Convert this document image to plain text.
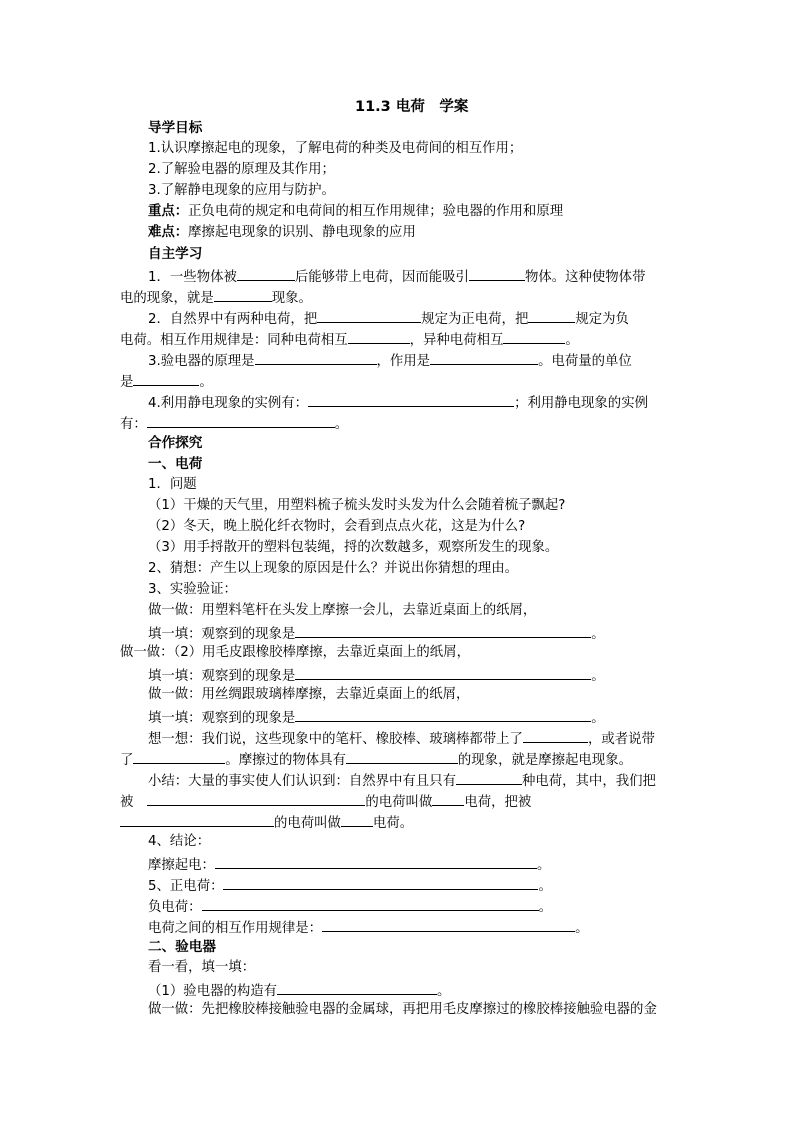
11.3 电荷　学案
导学目标
1.认识摩擦起电的现象，了解电荷的种类及电荷间的相互作用；
2.了解验电器的原理及其作用；
3.了解静电现象的应用与防护。
重点：正负电荷的规定和电荷间的相互作用规律；验电器的作用和原理
难点：摩擦起电现象的识别、静电现象的应用
自主学习
1．一些物体被	后能够带上电荷，因而能吸引	物体。这种使物体带
电的现象，就是	现象。
2．自然界中有两种电荷，把	规定为正电荷，把	规定为负
电荷。相互作用规律是：同种电荷相互	，异种电荷相互	。
3.验电器的原理是	，作用是	。电荷量的单位
是	。
4.利用静电现象的实例有：	；利用静电现象的实例
有：	。
合作探究
一、电荷
1．问题
（1）干燥的天气里，用塑料梳子梳头发时头发为什么会随着梳子飘起?
（2）冬天，晚上脱化纤衣物时，会看到点点火花，这是为什么?
（3）用手捋散开的塑料包装绳，捋的次数越多，观察所发生的现象。
2、猜想：产生以上现象的原因是什么？并说出你猜想的理由。
3、实验验证：
做一做：用塑料笔杆在头发上摩擦一会儿，去靠近桌面上的纸屑，
填一填：观察到的现象是	。
做一做：（2）用毛皮跟橡胶棒摩擦，去靠近桌面上的纸屑，
填一填：观察到的现象是	。
做一做：用丝绸跟玻璃棒摩擦，去靠近桌面上的纸屑，
填一填：观察到的现象是	。
想一想：我们说，这些现象中的笔杆、橡胶棒、玻璃棒都带上了	，或者说带
了	。摩擦过的物体具有	的现象，就是摩擦起电现象。
小结：大量的事实使人们认识到：自然界中有且只有	种电荷，其中，我们把
被	的电荷叫做 电荷，把被
的电荷叫做 电荷。
4、结论：
摩擦起电：	。
5、正电荷：	。
负电荷：	。
电荷之间的相互作用规律是：	。
二、验电器
看一看，填一填：
（1）验电器的构造有	。
做一做：先把橡胶棒接触验电器的金属球，再把用毛皮摩擦过的橡胶棒接触验电器的金
